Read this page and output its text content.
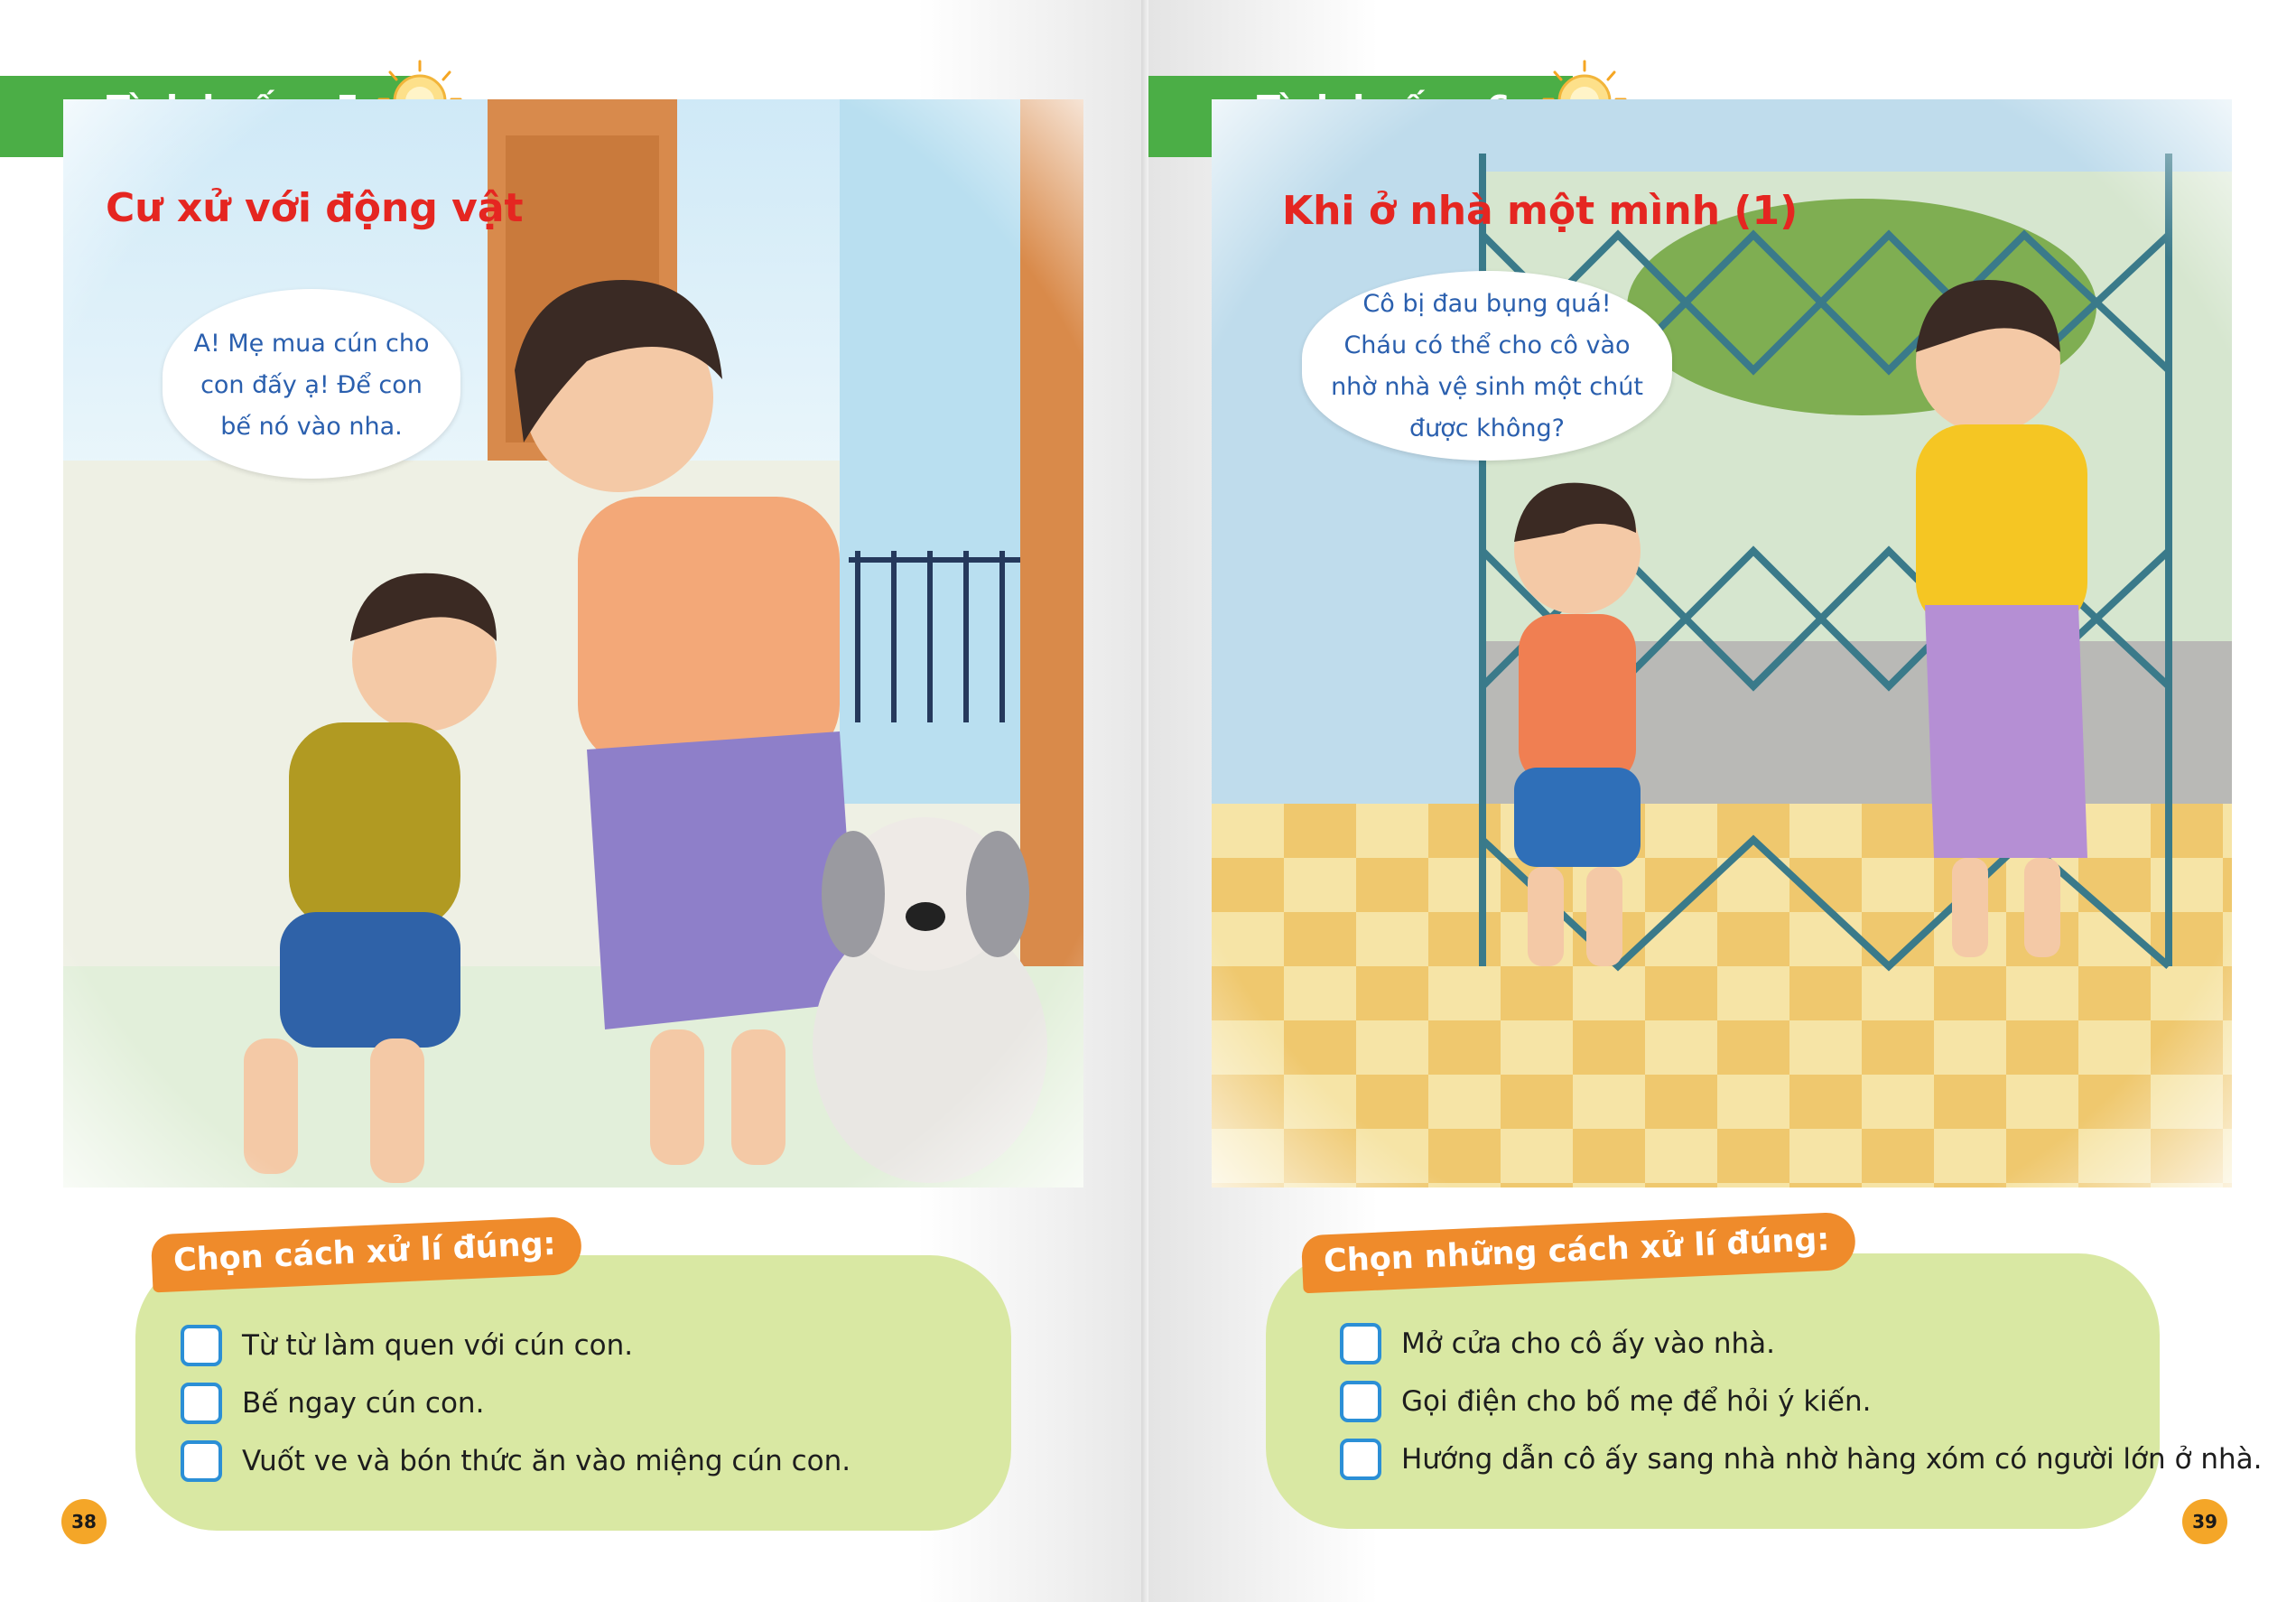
Cư xử với động vật
A! Mẹ mua cún cho
con đấy ạ! Để con
bế nó vào nha.
Chọn cách xử lí đúng:
Từ từ làm quen với cún con.
Bế ngay cún con.
Vuốt ve và bón thức ăn vào miệng cún con.
38
Khi ở nhà một mình (1)
Cô bị đau bụng quá!
Cháu có thể cho cô vào
nhờ nhà vệ sinh một chút
được không?
Chọn những cách xử lí đúng:
Mở cửa cho cô ấy vào nhà.
Gọi điện cho bố mẹ để hỏi ý kiến.
Hướng dẫn cô ấy sang nhà nhờ hàng xóm có người lớn ở nhà.
39
